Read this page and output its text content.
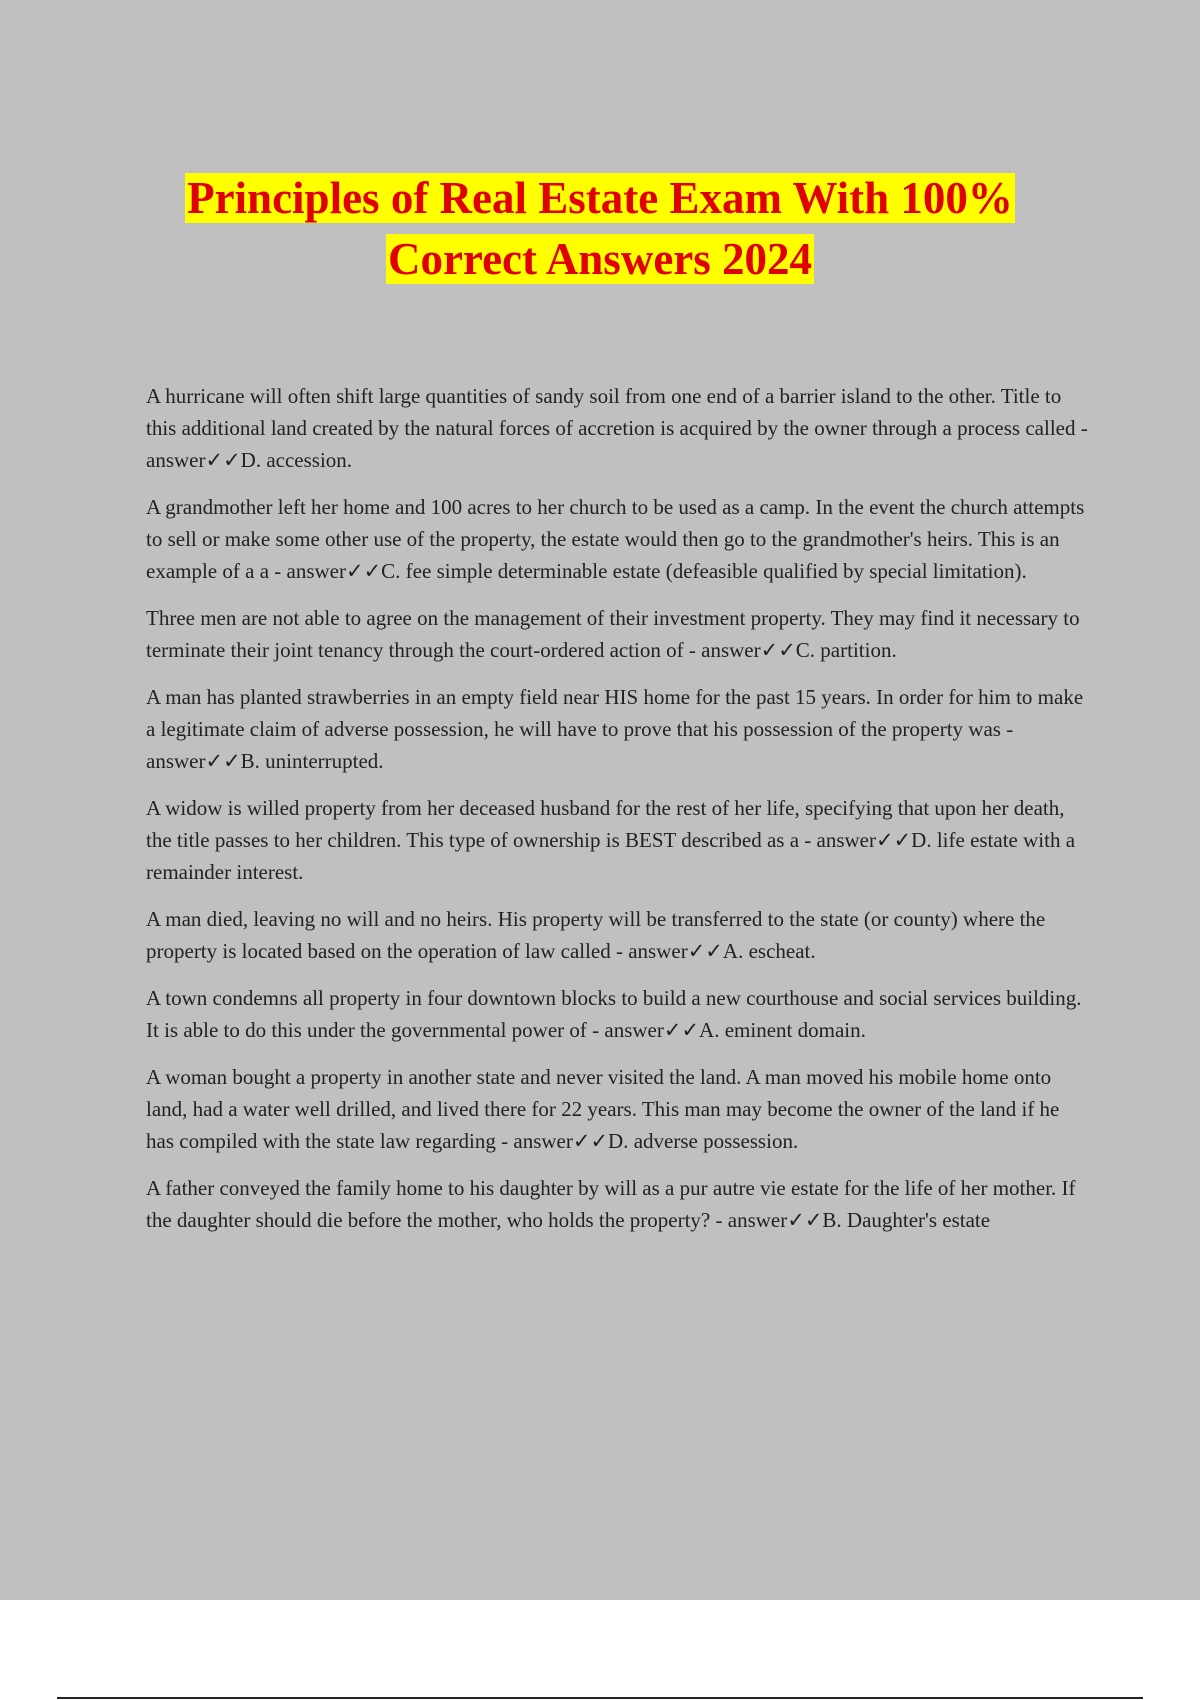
Principles of Real Estate Exam With 100%
Correct Answers 2024

A hurricane will often shift large quantities of sandy soil from one end of a barrier island to the other. Title to this additional land created by the natural forces of accretion is acquired by the owner through a process called - answer✓✓D. accession.

A grandmother left her home and 100 acres to her church to be used as a camp. In the event the church attempts to sell or make some other use of the property, the estate would then go to the grandmother's heirs. This is an example of a a - answer✓✓C. fee simple determinable estate (defeasible qualified by special limitation).

Three men are not able to agree on the management of their investment property. They may find it necessary to terminate their joint tenancy through the court-ordered action of - answer✓✓C. partition.

A man has planted strawberries in an empty field near HIS home for the past 15 years. In order for him to make a legitimate claim of adverse possession, he will have to prove that his possession of the property was - answer✓✓B. uninterrupted.

A widow is willed property from her deceased husband for the rest of her life, specifying that upon her death, the title passes to her children. This type of ownership is BEST described as a - answer✓✓D. life estate with a remainder interest.

A man died, leaving no will and no heirs. His property will be transferred to the state (or county) where the property is located based on the operation of law called - answer✓✓A. escheat.

A town condemns all property in four downtown blocks to build a new courthouse and social services building. It is able to do this under the governmental power of - answer✓✓A. eminent domain.

A woman bought a property in another state and never visited the land. A man moved his mobile home onto land, had a water well drilled, and lived there for 22 years. This man may become the owner of the land if he has compiled with the state law regarding - answer✓✓D. adverse possession.

A father conveyed the family home to his daughter by will as a pur autre vie estate for the life of her mother. If the daughter should die before the mother, who holds the property? - answer✓✓B. Daughter's estate
